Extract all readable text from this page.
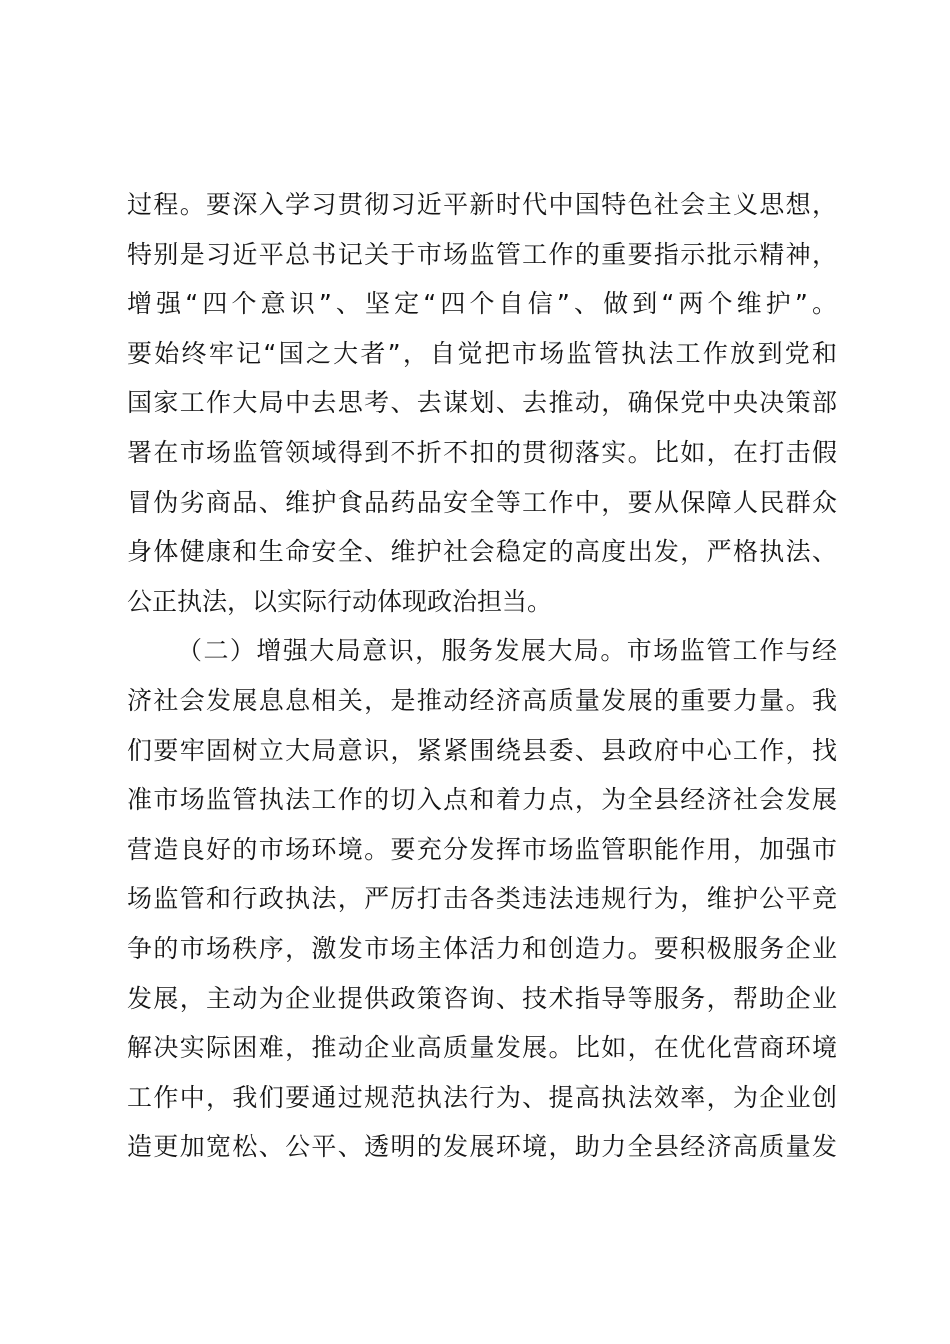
过程。要深入学习贯彻习近平新时代中国特色社会主义思想，
特别是习近平总书记关于市场监管工作的重要指示批示精神，
增强“四个意识”、坚定“四个自信”、做到“两个维护”。
要始终牢记“国之大者”，自觉把市场监管执法工作放到党和
国家工作大局中去思考、去谋划、去推动，确保党中央决策部
署在市场监管领域得到不折不扣的贯彻落实。比如，在打击假
冒伪劣商品、维护食品药品安全等工作中，要从保障人民群众
身体健康和生命安全、维护社会稳定的高度出发，严格执法、
公正执法，以实际行动体现政治担当。
（二）增强大局意识，服务发展大局。市场监管工作与经
济社会发展息息相关，是推动经济高质量发展的重要力量。我
们要牢固树立大局意识，紧紧围绕县委、县政府中心工作，找
准市场监管执法工作的切入点和着力点，为全县经济社会发展
营造良好的市场环境。要充分发挥市场监管职能作用，加强市
场监管和行政执法，严厉打击各类违法违规行为，维护公平竞
争的市场秩序，激发市场主体活力和创造力。要积极服务企业
发展，主动为企业提供政策咨询、技术指导等服务，帮助企业
解决实际困难，推动企业高质量发展。比如，在优化营商环境
工作中，我们要通过规范执法行为、提高执法效率，为企业创
造更加宽松、公平、透明的发展环境，助力全县经济高质量发
